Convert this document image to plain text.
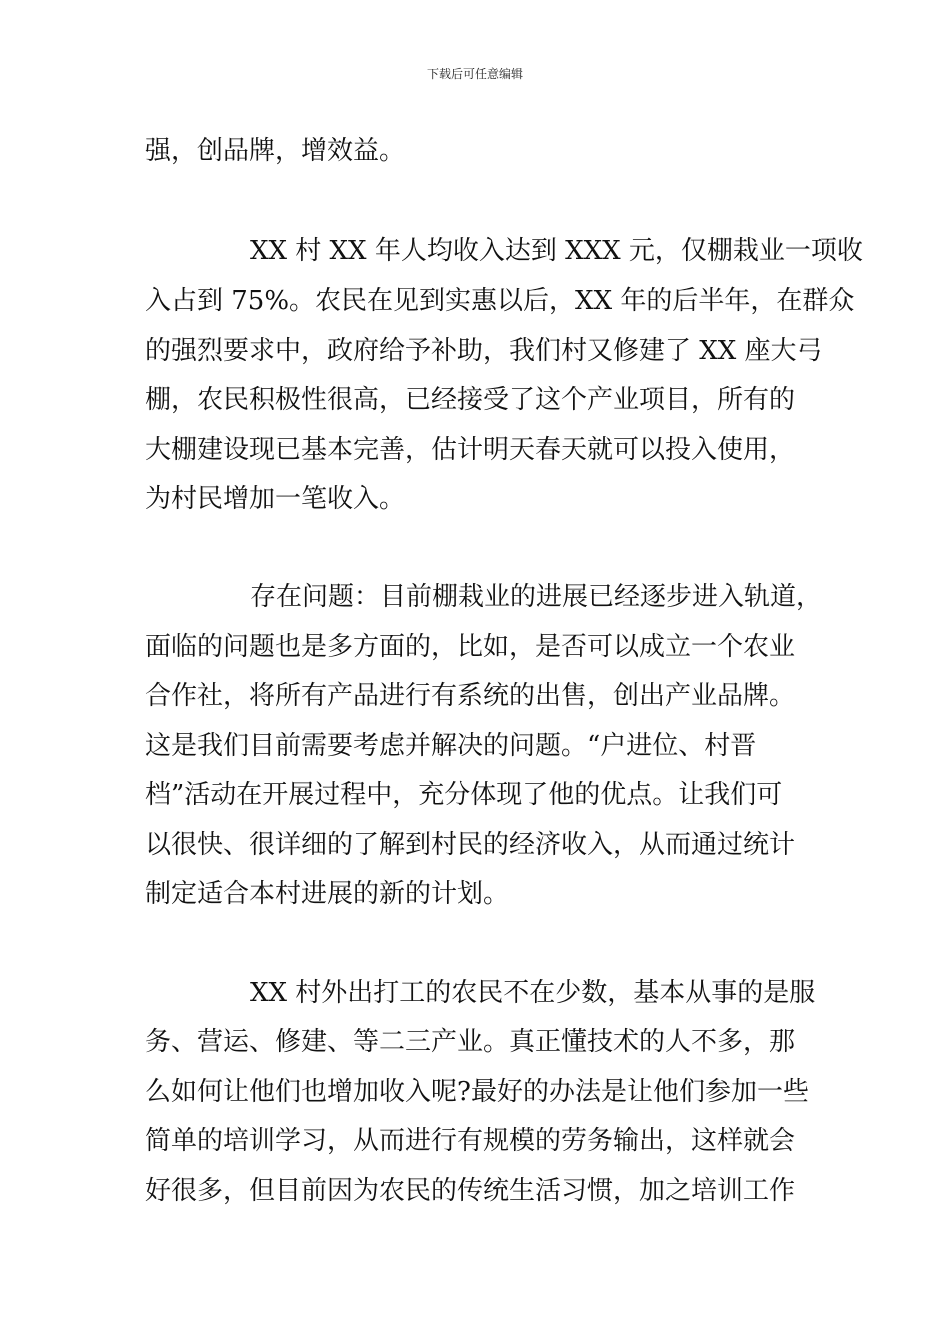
下载后可任意编辑
强，创品牌，增效益。
XX 村 XX 年人均收入达到 XXX 元，仅棚栽业一项收
入占到 75%。农民在见到实惠以后，XX 年的后半年，在群众
的强烈要求中，政府给予补助，我们村又修建了 XX 座大弓
棚，农民积极性很高，已经接受了这个产业项目，所有的
大棚建设现已基本完善，估计明天春天就可以投入使用，
为村民增加一笔收入。
存在问题：目前棚栽业的进展已经逐步进入轨道，
面临的问题也是多方面的，比如，是否可以成立一个农业
合作社，将所有产品进行有系统的出售，创出产业品牌。
这是我们目前需要考虑并解决的问题。“户进位、村晋
档”活动在开展过程中，充分体现了他的优点。让我们可
以很快、很详细的了解到村民的经济收入，从而通过统计
制定适合本村进展的新的计划。
XX 村外出打工的农民不在少数，基本从事的是服
务、营运、修建、等二三产业。真正懂技术的人不多，那
么如何让他们也增加收入呢?最好的办法是让他们参加一些
简单的培训学习，从而进行有规模的劳务输出，这样就会
好很多，但目前因为农民的传统生活习惯，加之培训工作
